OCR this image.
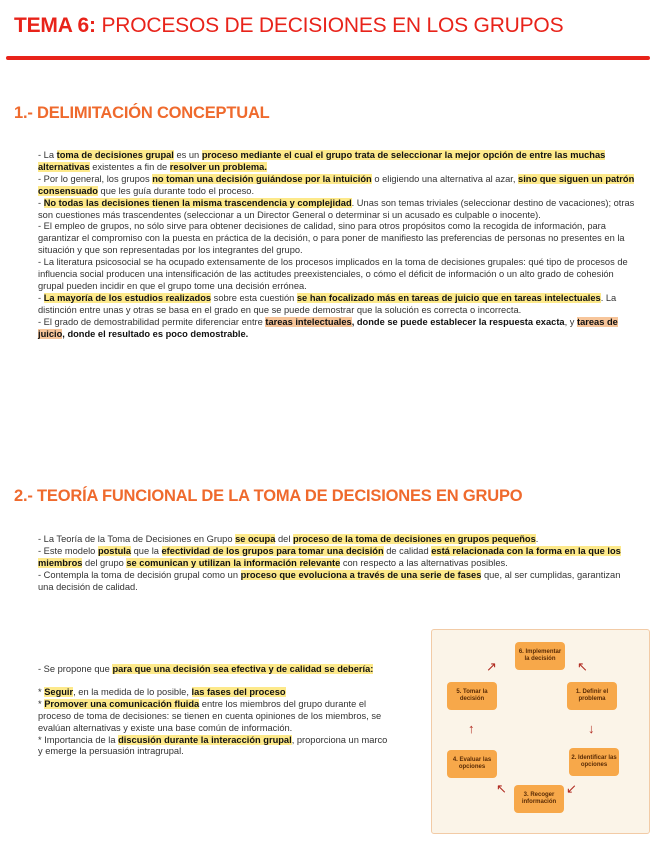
TEMA 6: PROCESOS DE DECISIONES EN LOS GRUPOS
1.- DELIMITACIÓN CONCEPTUAL

- La toma de decisiones grupal es un proceso mediante el cual el grupo trata de seleccionar la mejor opción de entre las muchas alternativas existentes a fin de resolver un problema.

- Por lo general, los grupos no toman una decisión guiándose por la intuición o eligiendo una alternativa al azar, sino que siguen un patrón consensuado que les guía durante todo el proceso.

- No todas las decisiones tienen la misma trascendencia y complejidad. Unas son temas triviales (seleccionar destino de vacaciones); otras son cuestiones más trascendentes (seleccionar a un Director General o determinar si un acusado es culpable o inocente).

- El empleo de grupos, no sólo sirve para obtener decisiones de calidad, sino para otros propósitos como la recogida de información, para garantizar el compromiso con la puesta en práctica de la decisión, o para poner de manifiesto las preferencias de personas no presentes en la situación y que son representadas por los integrantes del grupo.

- La literatura psicosocial se ha ocupado extensamente de los procesos implicados en la toma de decisiones grupales: qué tipo de procesos de influencia social producen una intensificación de las actitudes preexistenciales, o cómo el déficit de información o un alto grado de cohesión grupal pueden incidir en que el grupo tome una decisión errónea.

- La mayoría de los estudios realizados sobre esta cuestión se han focalizado más en tareas de juicio que en tareas intelectuales. La distinción entre unas y otras se basa en el grado en que se puede demostrar que la solución es correcta o incorrecta.

- El grado de demostrabilidad permite diferenciar entre tareas intelectuales, donde se puede establecer la respuesta exacta, y tareas de juicio, donde el resultado es poco demostrable.

2.- TEORÍA FUNCIONAL DE LA TOMA DE DECISIONES EN GRUPO

- La Teoría de la Toma de Decisiones en Grupo se ocupa del proceso de la toma de decisiones en grupos pequeños.

- Este modelo postula que la efectividad de los grupos para tomar una decisión de calidad está relacionada con la forma en la que los miembros del grupo se comunican y utilizan la información relevante con respecto a las alternativas posibles.

- Contempla la toma de decisión grupal como un proceso que evoluciona a través de una serie de fases que, al ser cumplidas, garantizan una decisión de calidad.

- Se propone que para que una decisión sea efectiva y de calidad se debería:

* Seguir, en la medida de lo posible, las fases del proceso

* Promover una comunicación fluida entre los miembros del grupo durante el proceso de toma de decisiones: se tienen en cuenta opiniones de los miembros, se evalúan alternativas y existe una base común de información.

* Importancia de la discusión durante la interacción grupal, proporciona un marco y emerge la persuasión intragrupal.

6. Implementar la decisión
1. Definir el problema
2. Identificar las opciones
3. Recoger información
4. Evaluar las opciones
5. Tomar la decisión
↗	↖
↓
↙
↖
↑
